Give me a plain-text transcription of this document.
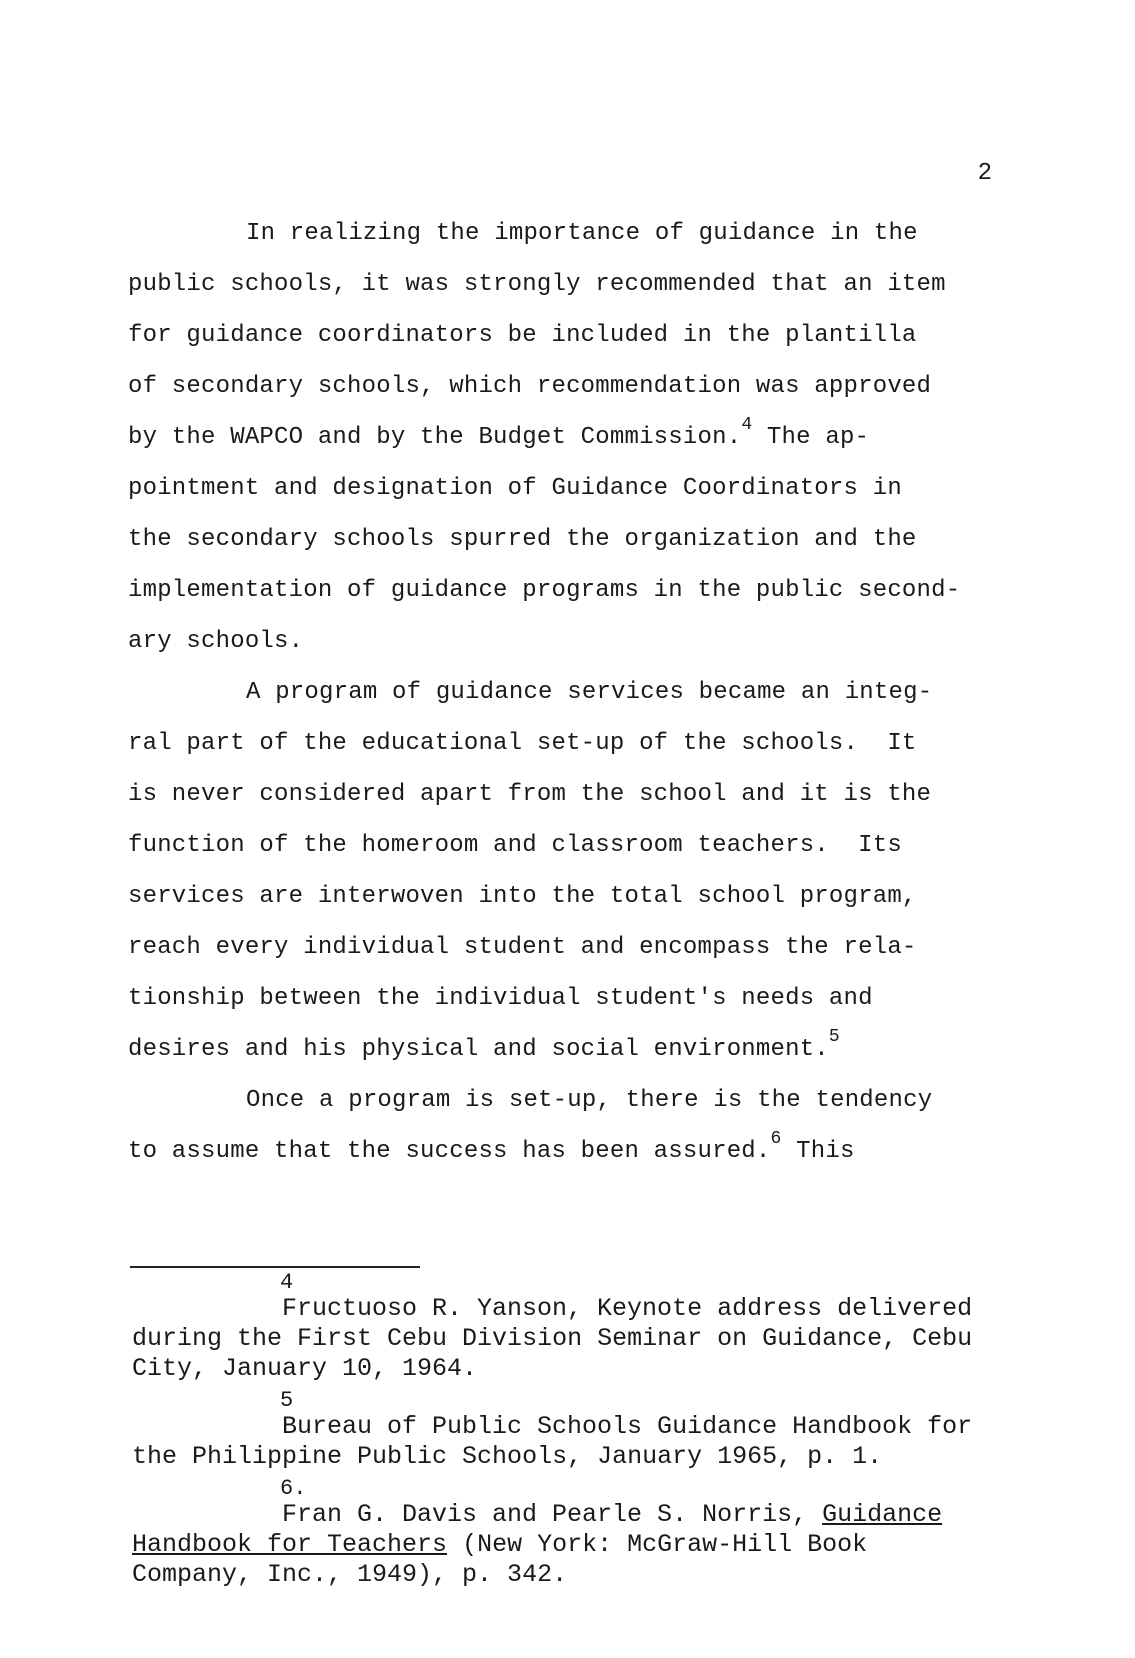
2
In realizing the importance of guidance in the
public schools, it was strongly recommended that an item
for guidance coordinators be included in the plantilla
of secondary schools, which recommendation was approved
by the WAPCO and by the Budget Commission.$^4$ The ap-
pointment and designation of Guidance Coordinators in
the secondary schools spurred the organization and the
implementation of guidance programs in the public second-
ary schools.
A program of guidance services became an integ-
ral part of the educational set-up of the schools.  It
is never considered apart from the school and it is the
function of the homeroom and classroom teachers.  Its
services are interwoven into the total school program,
reach every individual student and encompass the rela-
tionship between the individual student's needs and
desires and his physical and social environment.$^5$
Once a program is set-up, there is the tendency
to assume that the success has been assured.$^6$ This
4
Fructuoso R. Yanson, Keynote address delivered
during the First Cebu Division Seminar on Guidance, Cebu
City, January 10, 1964.
5
Bureau of Public Schools Guidance Handbook for
the Philippine Public Schools, January 1965, p. 1.
6.
Fran G. Davis and Pearle S. Norris, Guidance
Handbook for Teachers (New York: McGraw-Hill Book
Company, Inc., 1949), p. 342.
